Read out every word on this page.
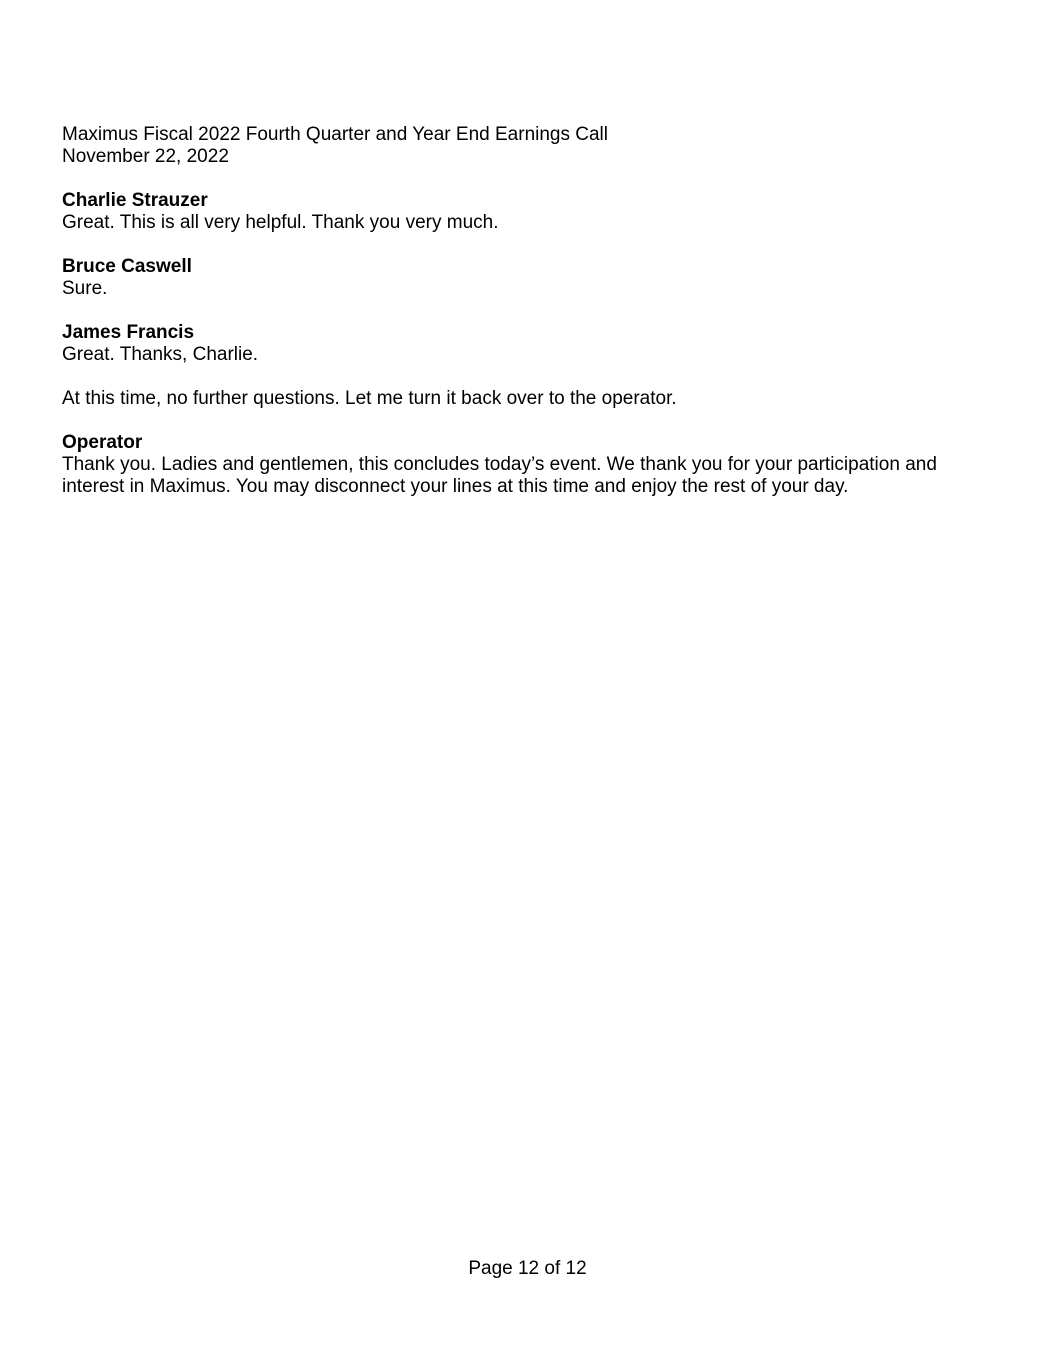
Maximus Fiscal 2022 Fourth Quarter and Year End Earnings Call
November 22, 2022
Charlie Strauzer
Great. This is all very helpful. Thank you very much.
Bruce Caswell
Sure.
James Francis
Great. Thanks, Charlie.
At this time, no further questions. Let me turn it back over to the operator.
Operator
Thank you. Ladies and gentlemen, this concludes today’s event. We thank you for your participation and interest in Maximus. You may disconnect your lines at this time and enjoy the rest of your day.
Page 12 of 12
